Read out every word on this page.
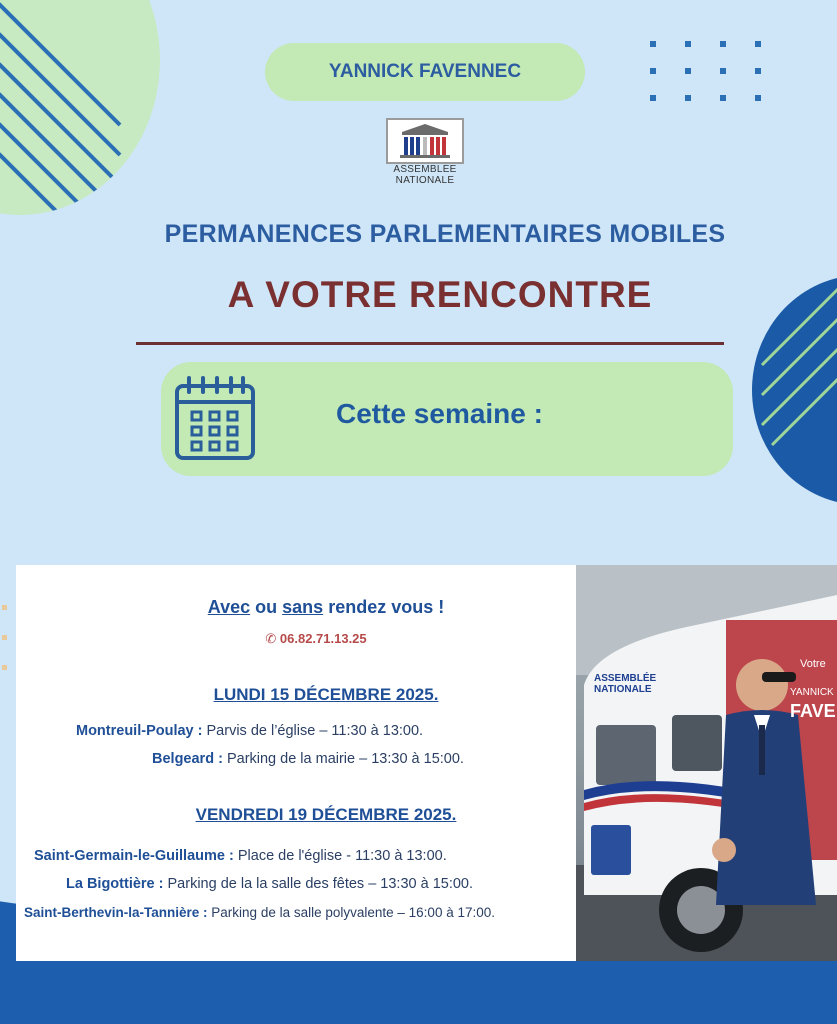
YANNICK FAVENNEC
ASSEMBLÉE
NATIONALE
PERMANENCES PARLEMENTAIRES MOBILES
A VOTRE RENCONTRE
Cette semaine :
Avec ou sans rendez vous !
✆ 06.82.71.13.25
LUNDI 15 DÉCEMBRE 2025.
Montreuil-Poulay : Parvis de l’église – 11:30 à 13:00.
Belgeard : Parking de la mairie – 13:30 à 15:00.
VENDREDI 19 DÉCEMBRE 2025.
Saint-Germain-le-Guillaume : Place de l'église - 11:30 à 13:00.
La Bigottière : Parking de la la salle des fêtes – 13:30 à 15:00.
Saint-Berthevin-la-Tannière : Parking de la salle polyvalente – 16:00 à 17:00.
ASSEMBLÉE
NATIONALE
Votre
YANNICK
FAVE
